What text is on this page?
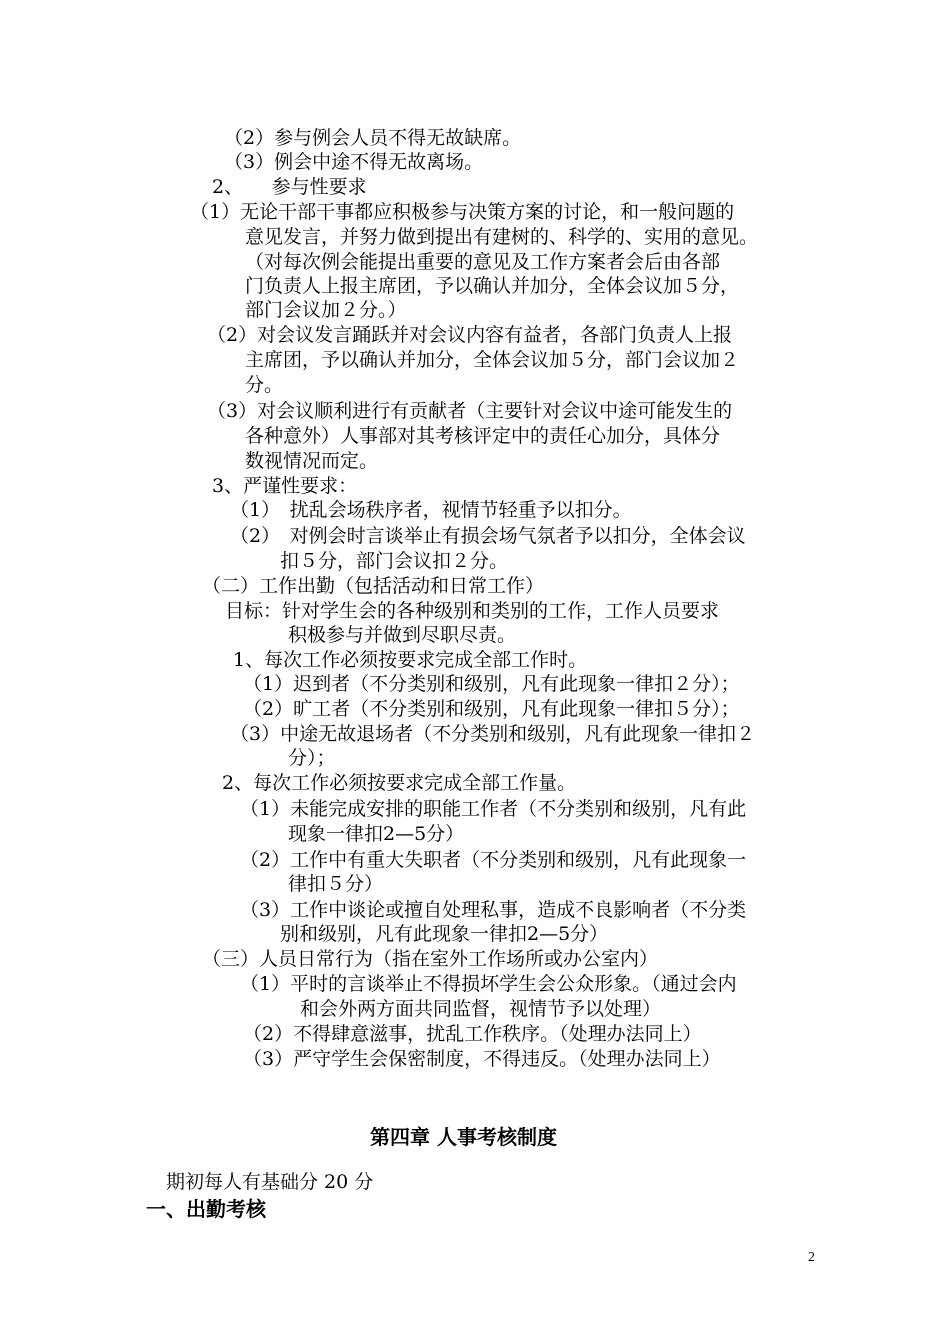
（2）参与例会人员不得无故缺席。
（3）例会中途不得无故离场。
2、　　参与性要求
（1）无论干部干事都应积极参与决策方案的讨论，和一般问题的
意见发言，并努力做到提出有建树的、科学的、实用的意见。
（对每次例会能提出重要的意见及工作方案者会后由各部
门负责人上报主席团，予以确认并加分，全体会议加５分，
部门会议加２分。）
（2）对会议发言踊跃并对会议内容有益者，各部门负责人上报
主席团，予以确认并加分，全体会议加５分，部门会议加２
分。
（3）对会议顺利进行有贡献者（主要针对会议中途可能发生的
各种意外）人事部对其考核评定中的责任心加分，具体分
数视情况而定。
3、严谨性要求：
（1）　扰乱会场秩序者，视情节轻重予以扣分。
（2）　对例会时言谈举止有损会场气氛者予以扣分，全体会议
扣５分，部门会议扣２分。
（二）工作出勤（包括活动和日常工作）
目标：针对学生会的各种级别和类别的工作，工作人员要求
积极参与并做到尽职尽责。
1、每次工作必须按要求完成全部工作时。
（1）迟到者（不分类别和级别，凡有此现象一律扣２分）；
（2）旷工者（不分类别和级别，凡有此现象一律扣５分）；
（3）中途无故退场者（不分类别和级别，凡有此现象一律扣２
分）；
2、每次工作必须按要求完成全部工作量。
（1）未能完成安排的职能工作者（不分类别和级别，凡有此
现象一律扣2—5分）
（2）工作中有重大失职者（不分类别和级别，凡有此现象一
律扣５分）
（3）工作中谈论或擅自处理私事，造成不良影响者（不分类
别和级别，凡有此现象一律扣2—5分）
（三）人员日常行为（指在室外工作场所或办公室内）
（1）平时的言谈举止不得损坏学生会公众形象。（通过会内
和会外两方面共同监督，视情节予以处理）
（2）不得肆意滋事，扰乱工作秩序。（处理办法同上）
（3）严守学生会保密制度，不得违反。（处理办法同上）
第四章 人事考核制度
期初每人有基础分 20 分
一、出勤考核
2
